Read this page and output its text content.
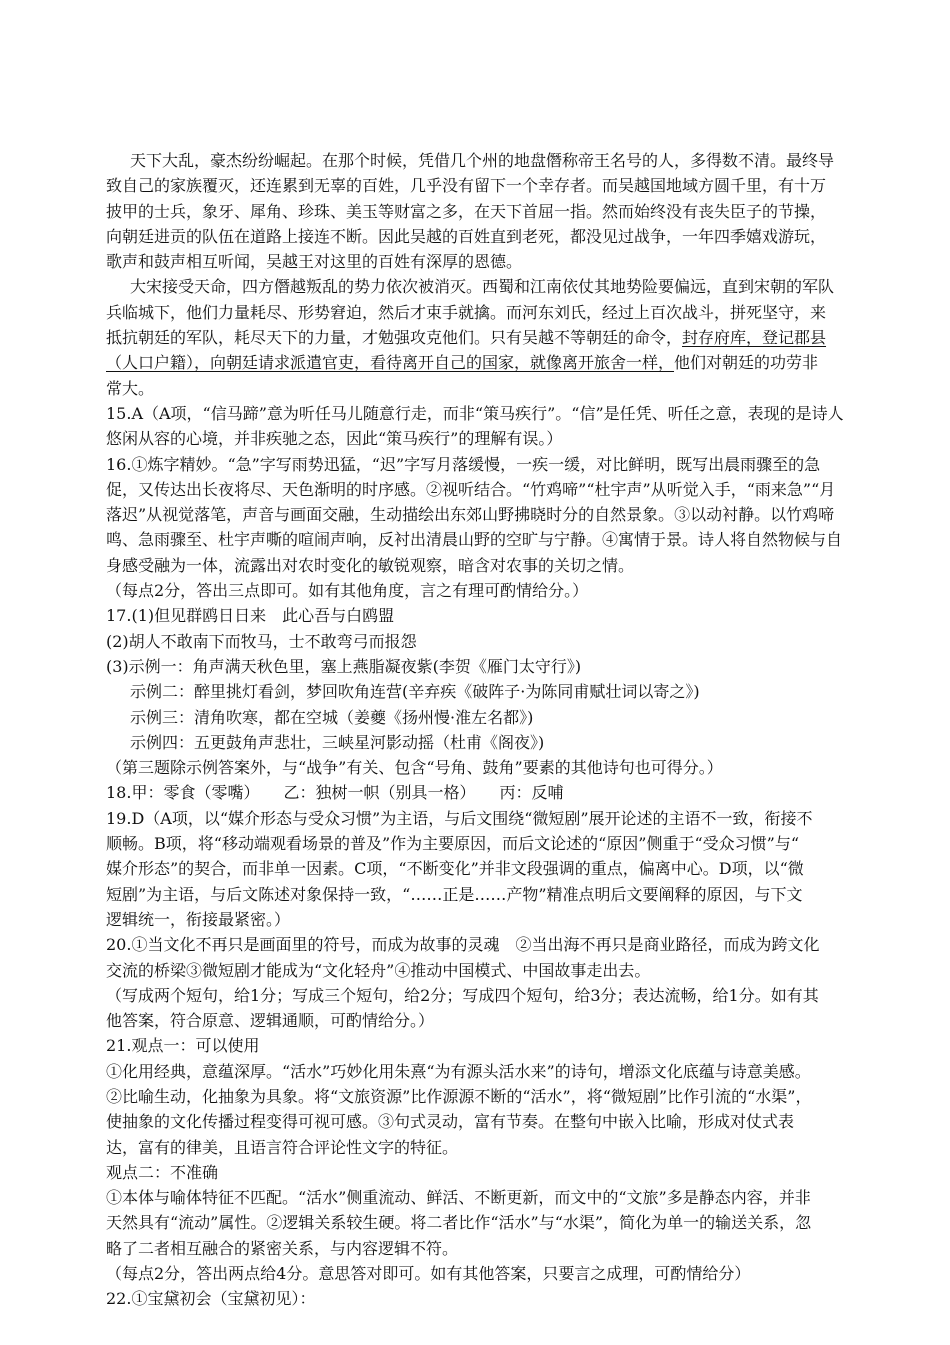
天下大乱，豪杰纷纷崛起。在那个时候，凭借几个州的地盘僭称帝王名号的人，多得数不清。最终导
致自己的家族覆灭，还连累到无辜的百姓，几乎没有留下一个幸存者。而吴越国地域方圆千里，有十万
披甲的士兵，象牙、犀角、珍珠、美玉等财富之多，在天下首屈一指。然而始终没有丧失臣子的节操，
向朝廷进贡的队伍在道路上接连不断。因此吴越的百姓直到老死，都没见过战争，一年四季嬉戏游玩，
歌声和鼓声相互听闻，吴越王对这里的百姓有深厚的恩德。
大宋接受天命，四方僭越叛乱的势力依次被消灭。西蜀和江南依仗其地势险要偏远，直到宋朝的军队
兵临城下，他们力量耗尽、形势窘迫，然后才束手就擒。而河东刘氏，经过上百次战斗，拼死坚守，来
抵抗朝廷的军队，耗尽天下的力量，才勉强攻克他们。只有吴越不等朝廷的命令，封存府库，登记郡县
（人口户籍），向朝廷请求派遣官吏，看待离开自己的国家，就像离开旅舍一样，他们对朝廷的功劳非
常大。
15.A（A项，“信马蹄”意为听任马儿随意行走，而非“策马疾行”。“信”是任凭、听任之意，表现的是诗人
悠闲从容的心境，并非疾驰之态，因此“策马疾行”的理解有误。）
16.①炼字精妙。“急”字写雨势迅猛，“迟”字写月落缓慢，一疾一缓，对比鲜明，既写出晨雨骤至的急
促，又传达出长夜将尽、天色渐明的时序感。②视听结合。“竹鸡啼”“杜宇声”从听觉入手，“雨来急”“月
落迟”从视觉落笔，声音与画面交融，生动描绘出东郊山野拂晓时分的自然景象。③以动衬静。以竹鸡啼
鸣、急雨骤至、杜宇声嘶的喧闹声响，反衬出清晨山野的空旷与宁静。④寓情于景。诗人将自然物候与自
身感受融为一体，流露出对农时变化的敏锐观察，暗含对农事的关切之情。
（每点2分，答出三点即可。如有其他角度，言之有理可酌情给分。）
17.(1)但见群鸥日日来　此心吾与白鸥盟
(2)胡人不敢南下而牧马，士不敢弯弓而报怨
(3)示例一：角声满天秋色里，塞上燕脂凝夜紫(李贺《雁门太守行》)
示例二：醉里挑灯看剑，梦回吹角连营(辛弃疾《破阵子·为陈同甫赋壮词以寄之》)
示例三：清角吹寒，都在空城（姜夔《扬州慢·淮左名都》)
示例四：五更鼓角声悲壮，三峡星河影动摇（杜甫《阁夜》)
（第三题除示例答案外，与“战争”有关、包含“号角、鼓角”要素的其他诗句也可得分。）
18.甲：零食（零嘴）　　乙：独树一帜（别具一格）　　丙：反哺
19.D（A项，以“媒介形态与受众习惯”为主语，与后文围绕“微短剧”展开论述的主语不一致，衔接不
顺畅。B项，将“移动端观看场景的普及”作为主要原因，而后文论述的“原因”侧重于“受众习惯”与“
媒介形态”的契合，而非单一因素。C项，“不断变化”并非文段强调的重点，偏离中心。D项，以“微
短剧”为主语，与后文陈述对象保持一致，“……正是……产物”精准点明后文要阐释的原因，与下文
逻辑统一，衔接最紧密。）
20.①当文化不再只是画面里的符号，而成为故事的灵魂　②当出海不再只是商业路径，而成为跨文化
交流的桥梁③微短剧才能成为“文化轻舟”④推动中国模式、中国故事走出去。
（写成两个短句，给1分；写成三个短句，给2分；写成四个短句，给3分；表达流畅，给1分。如有其
他答案，符合原意、逻辑通顺，可酌情给分。）
21.观点一：可以使用
①化用经典，意蕴深厚。“活水”巧妙化用朱熹“为有源头活水来”的诗句，增添文化底蕴与诗意美感。
②比喻生动，化抽象为具象。将“文旅资源”比作源源不断的“活水”，将“微短剧”比作引流的“水渠”，
使抽象的文化传播过程变得可视可感。③句式灵动，富有节奏。在整句中嵌入比喻，形成对仗式表
达，富有的律美，且语言符合评论性文字的特征。
观点二：不准确
①本体与喻体特征不匹配。“活水”侧重流动、鲜活、不断更新，而文中的“文旅”多是静态内容，并非
天然具有“流动”属性。②逻辑关系较生硬。将二者比作“活水”与“水渠”，简化为单一的输送关系，忽
略了二者相互融合的紧密关系，与内容逻辑不符。
（每点2分，答出两点给4分。意思答对即可。如有其他答案，只要言之成理，可酌情给分）
22.①宝黛初会（宝黛初见）：
